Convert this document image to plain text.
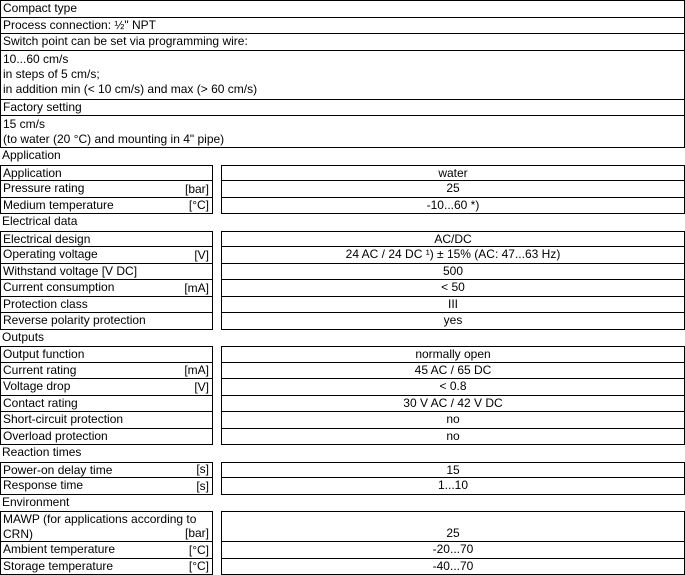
Compact type
Process connection: ½" NPT
Switch point can be set via programming wire:
10...60 cm/s
in steps of 5 cm/s;
in addition min (< 10 cm/s) and max (> 60 cm/s)
Factory setting
15 cm/s
(to water (20 °C) and mounting in 4" pipe)
Application
Application	water
Pressure rating	[bar]	25
Medium temperature	[°C]	-10...60 *)
Electrical data
Electrical design	AC/DC
Operating voltage	[V]	24 AC / 24 DC ¹) ± 15% (AC: 47...63 Hz)
Withstand voltage [V DC]	500
Current consumption	[mA]	< 50
Protection class	III
Reverse polarity protection	yes
Outputs
Output function	normally open
Current rating	[mA]	45 AC / 65 DC
Voltage drop	[V]	< 0.8
Contact rating	30 V AC / 42 V DC
Short-circuit protection	no
Overload protection	no
Reaction times
Power-on delay time	[s]	15
Response time	[s]	1...10
Environment
MAWP (for applications according to CRN)	[bar]	25
Ambient temperature	[°C]	-20...70
Storage temperature	[°C]	-40...70
